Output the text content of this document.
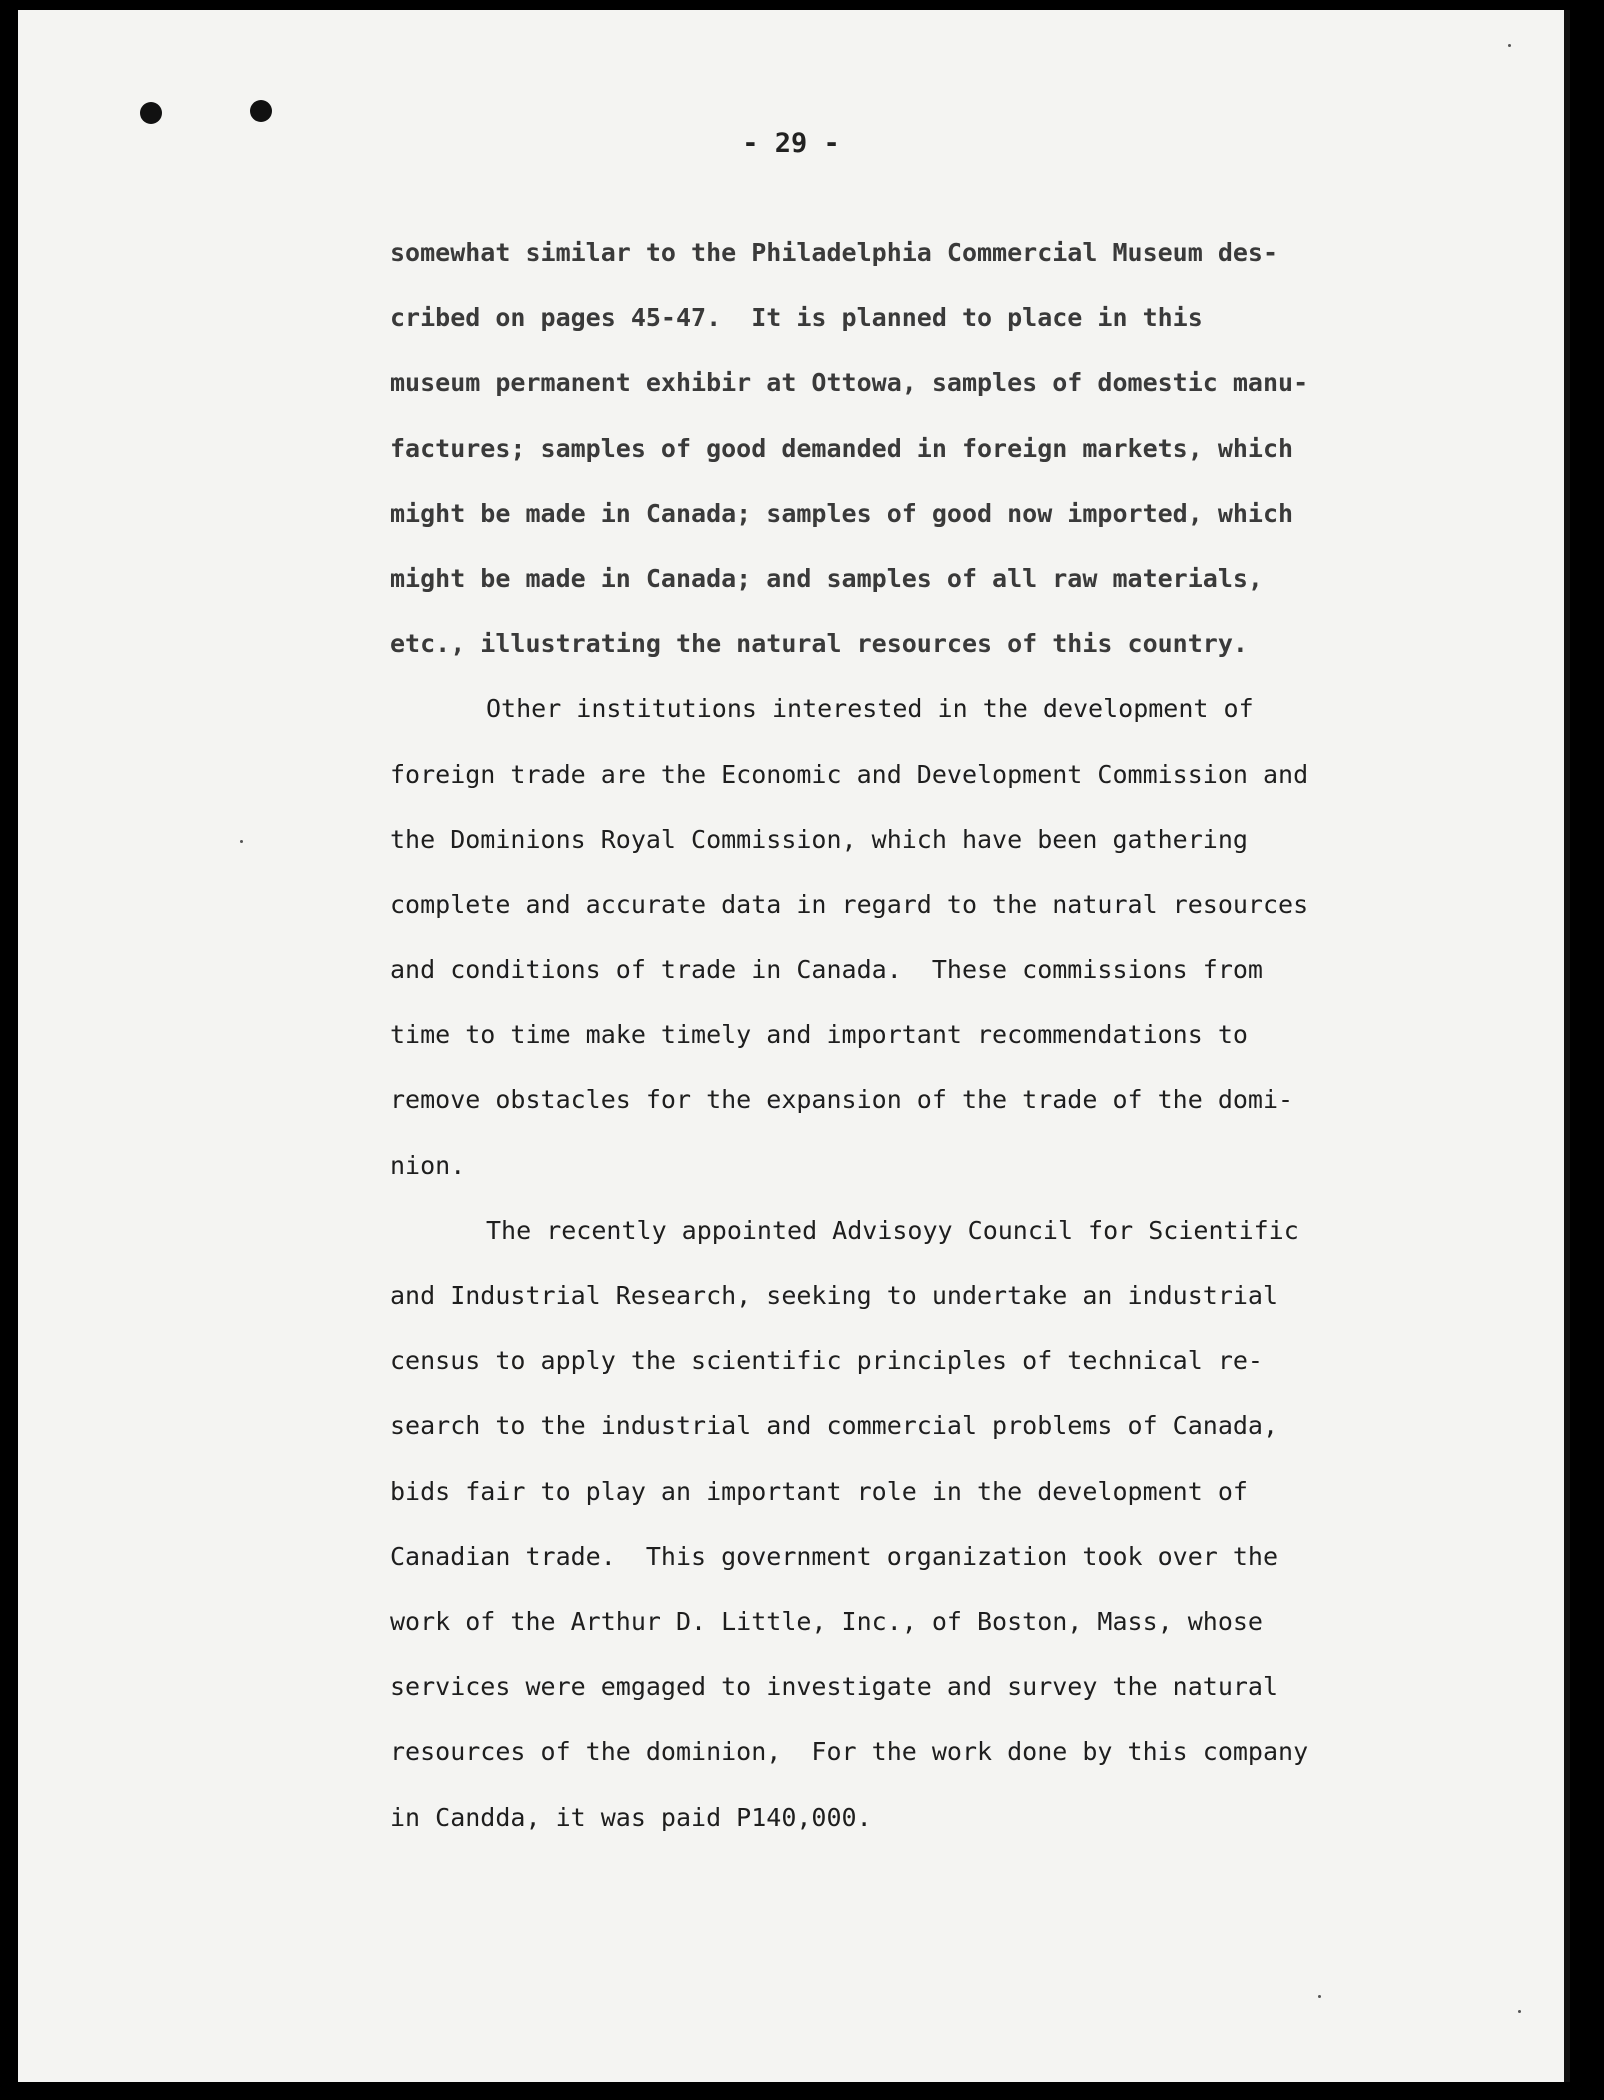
- 29 -
somewhat similar to the Philadelphia Commercial Museum des-
cribed on pages 45-47.  It is planned to place in this
museum permanent exhibir at Ottowa, samples of domestic manu-
factures; samples of good demanded in foreign markets, which
might be made in Canada; samples of good now imported, which
might be made in Canada; and samples of all raw materials,
etc., illustrating the natural resources of this country.
Other institutions interested in the development of
foreign trade are the Economic and Development Commission and
the Dominions Royal Commission, which have been gathering
complete and accurate data in regard to the natural resources
and conditions of trade in Canada.  These commissions from
time to time make timely and important recommendations to
remove obstacles for the expansion of the trade of the domi-
nion.
The recently appointed Advisoyy Council for Scientific
and Industrial Research, seeking to undertake an industrial
census to apply the scientific principles of technical re-
search to the industrial and commercial problems of Canada,
bids fair to play an important role in the development of
Canadian trade.  This government organization took over the
work of the Arthur D. Little, Inc., of Boston, Mass, whose
services were emgaged to investigate and survey the natural
resources of the dominion,  For the work done by this company
in Candda, it was paid P140,000.
